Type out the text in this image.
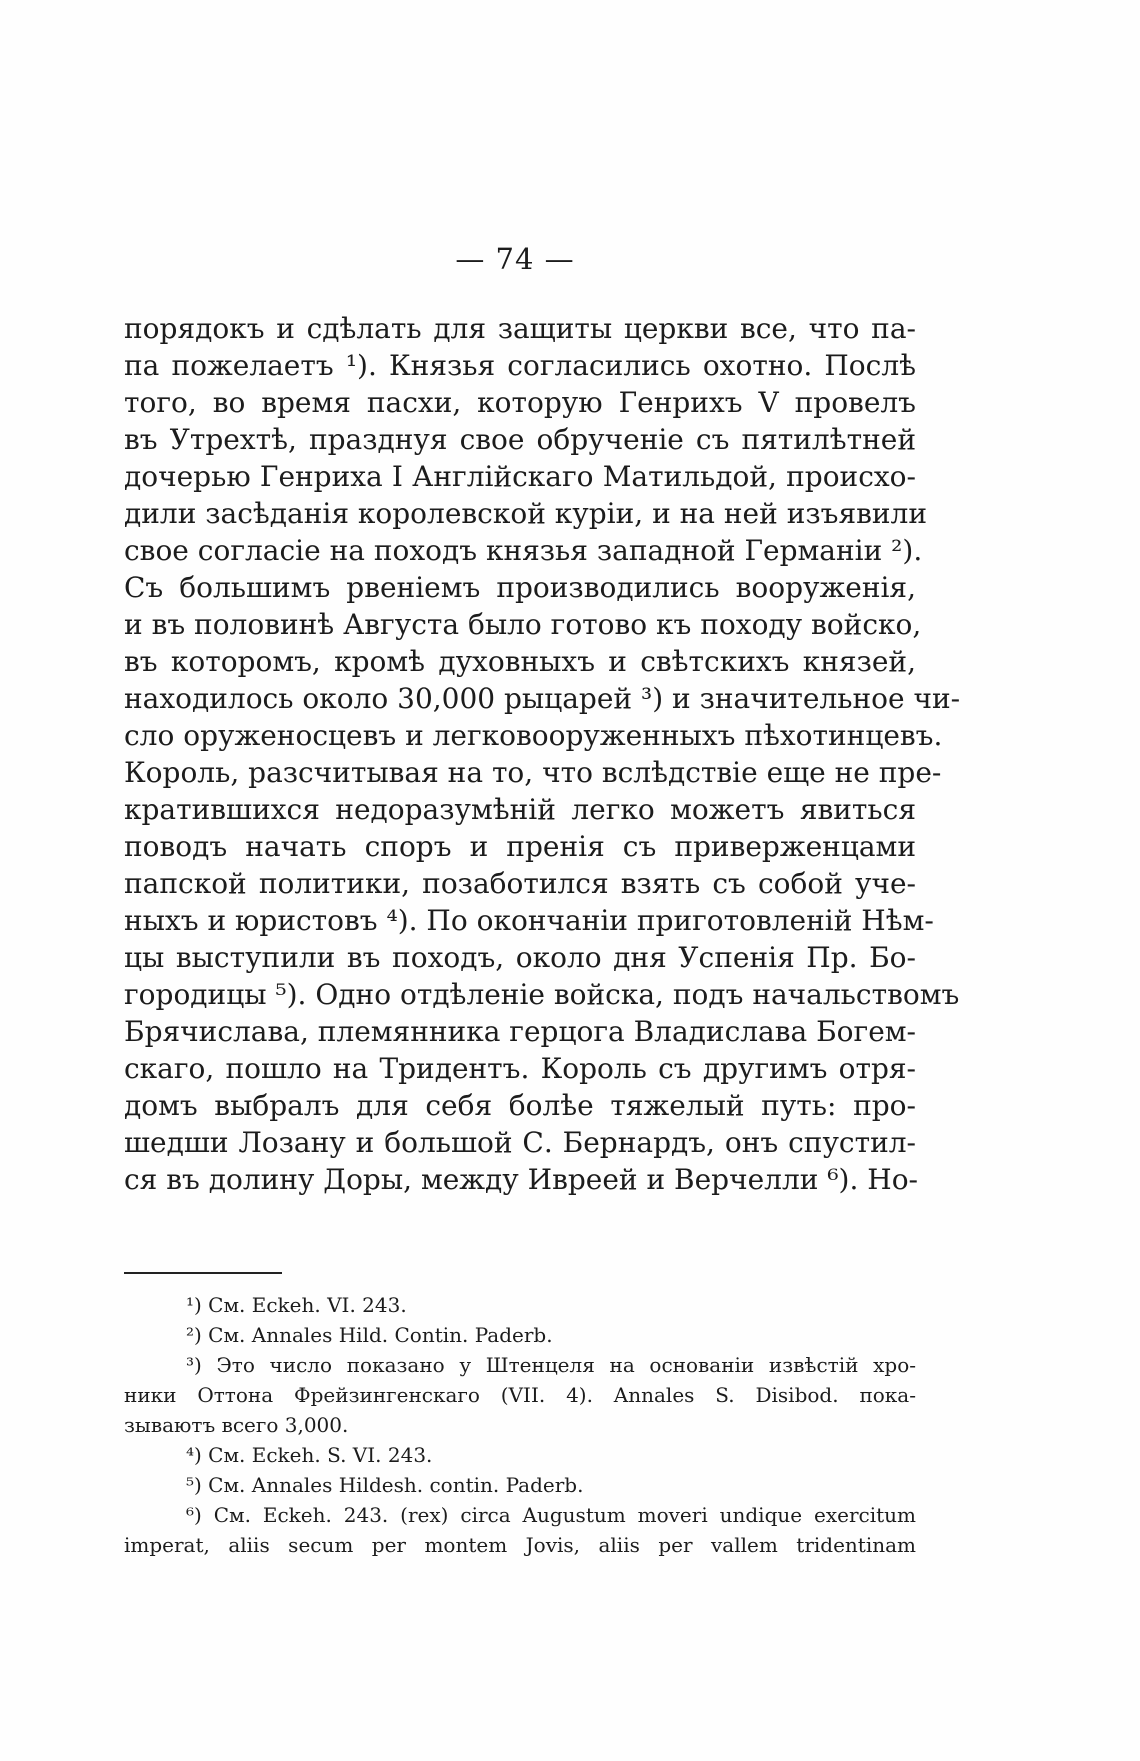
— 74 —
порядокъ и сдѣлать для защиты церкви все, что па-
па пожелаетъ ¹). Князья согласились охотно. Послѣ
того, во время пасхи, которую Генрихъ V провелъ
въ Утрехтѣ, празднуя свое обрученіе съ пятилѣтней
дочерью Генриха I Англійскаго Матильдой, происхо-
дили засѣданія королевской куріи, и на ней изъявили
свое согласіе на походъ князья западной Германіи ²).
Съ большимъ рвеніемъ производились вооруженія,
и въ половинѣ Августа было готово къ походу войско,
въ которомъ, кромѣ духовныхъ и свѣтскихъ князей,
находилось около 30,000 рыцарей ³) и значительное чи-
сло оруженосцевъ и легковооруженныхъ пѣхотинцевъ.
Король, разсчитывая на то, что вслѣдствіе еще не пре-
кратившихся недоразумѣній легко можетъ явиться
поводъ начать споръ и пренія съ приверженцами
папской политики, позаботился взять съ собой уче-
ныхъ и юристовъ ⁴). По окончаніи приготовленій Нѣм-
цы выступили въ походъ, около дня Успенія Пр. Бо-
городицы ⁵). Одно отдѣленіе войска, подъ начальствомъ
Брячислава, племянника герцога Владислава Богем-
скаго, пошло на Тридентъ. Король съ другимъ отря-
домъ выбралъ для себя болѣе тяжелый путь: про-
шедши Лозану и большой С. Бернардъ, онъ спустил-
ся въ долину Доры, между Ивреей и Верчелли ⁶). Но-
¹) См. Eckeh. VI. 243.
²) См. Annales Hild. Contin. Paderb.
³) Это число показано у Штенцеля на основаніи извѣстій хро-
ники Оттона Фрейзингенскаго (VII. 4). Annales S. Disibod. пока-
зываютъ всего 3,000.
⁴) См. Eckeh. S. VI. 243.
⁵) См. Annales Hildesh. contin. Paderb.
⁶) См. Eckeh. 243. (rex) circa Augustum moveri undique exercitum
imperat, aliis secum per montem Jovis, aliis per vallem tridentinam
